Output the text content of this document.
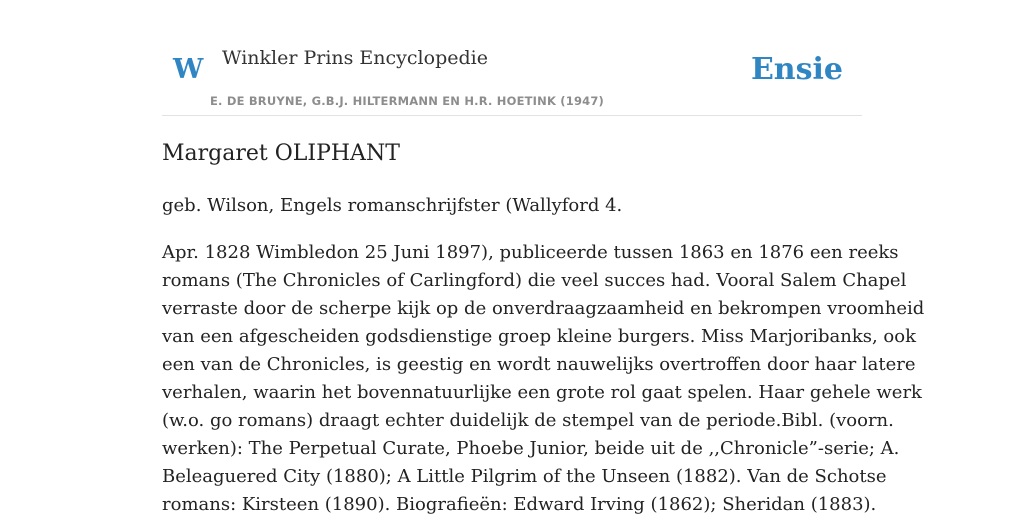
W Winkler Prins Encyclopedie
E. DE BRUYNE, G.B.J. HILTERMANN EN H.R. HOETINK (1947)
Ensie
Margaret OLIPHANT
geb. Wilson, Engels romanschrijfster (Wallyford 4.
Apr. 1828 Wimbledon 25 Juni 1897), publiceerde tussen 1863 en 1876 een reeks
romans (The Chronicles of Carlingford) die veel succes had. Vooral Salem Chapel
verraste door de scherpe kijk op de onverdraagzaamheid en bekrompen vroomheid
van een afgescheiden godsdienstige groep kleine burgers. Miss Marjoribanks, ook
een van de Chronicles, is geestig en wordt nauwelijks overtroffen door haar latere
verhalen, waarin het bovennatuurlijke een grote rol gaat spelen. Haar gehele werk
(w.o. go romans) draagt echter duidelijk de stempel van de periode.Bibl. (voorn.
werken): The Perpetual Curate, Phoebe Junior, beide uit de ,,Chronicle”-serie; A.
Beleaguered City (1880); A Little Pilgrim of the Unseen (1882). Van de Schotse
romans: Kirsteen (1890). Biografieën: Edward Irving (1862); Sheridan (1883).
